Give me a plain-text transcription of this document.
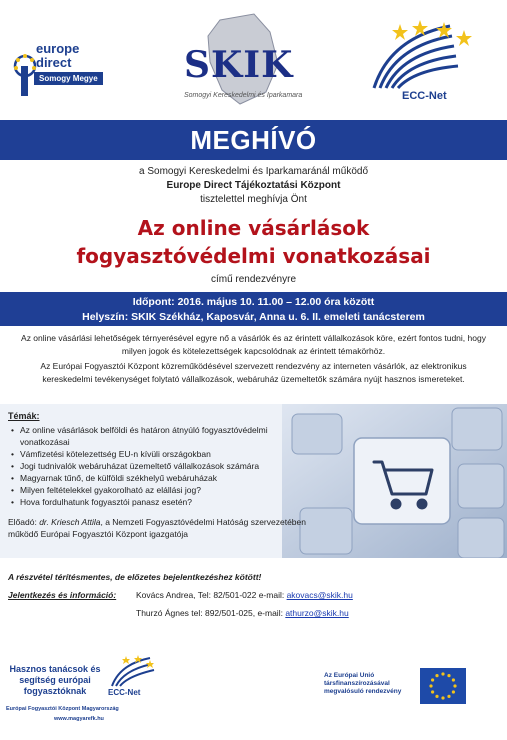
europe
direct
Somogy Megye SKIK
Somogyi Kereskedelmi és Iparkamara	ECC-Net
MEGHÍVÓ
a Somogyi Kereskedelmi és Iparkamaránál működő
Europe Direct Tájékoztatási Központ
tisztelettel meghívja Önt
Az online vásárlások
fogyasztóvédelmi vonatkozásai
című rendezvényre
Időpont: 2016. május 10. 11.00 – 12.00 óra között
Helyszín: SKIK Székház, Kaposvár, Anna u. 6. II. emeleti tanácsterem
Az online vásárlási lehetőségek térnyerésével egyre nő a vásárlók és az érintett vállalkozások köre, ezért fontos tudni, hogy milyen jogok és kötelezettségek kapcsolódnak az érintett témakörhöz.
Az Európai Fogyasztói Központ közreműködésével szervezett rendezvény az interneten vásárlók, az elektronikus kereskedelmi tevékenységet folytató vállalkozások, webáruház üzemeltetők számára nyújt hasznos ismereteket.
Témák:
• Az online vásárlások belföldi és határon átnyúló fogyasztóvédelmi vonatkozásai
• Vámfizetési kötelezettség EU-n kívüli országokban
• Jogi tudnivalók webáruházat üzemeltető vállalkozások számára
• Magyarnak tűnő, de külföldi székhelyű webáruházak
• Milyen feltételekkel gyakorolható az elállási jog?
• Hova fordulhatunk fogyasztói panasz esetén?
Előadó: dr. Kriesch Attila, a Nemzeti Fogyasztóvédelmi Hatóság szervezetében működő Európai Fogyasztói Központ igazgatója
A részvétel térítésmentes, de előzetes bejelentkezéshez kötött!
Jelentkezés és információ: Kovács Andrea, Tel: 82/501-022 e-mail: akovacs@skik.hu
Thurzó Ágnes tel: 892/501-025, e-mail: athurzo@skik.hu
Hasznos tanácsok és segítség európai fogyasztóknak	ECC-Net
Európai Fogyasztói Központ Magyarország
www.magyarefk.hu
Az Európai Unió társfinanszírozásával megvalósuló rendezvény
